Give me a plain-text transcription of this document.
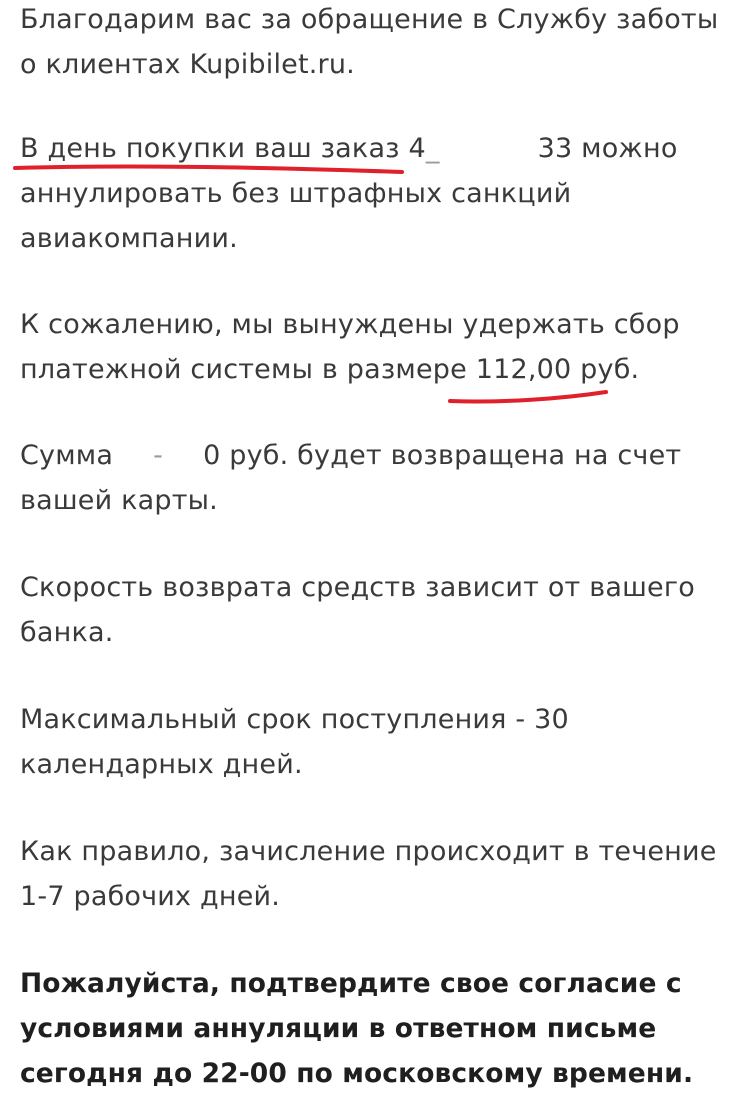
Благодарим вас за обращение в Службу заботы
о клиентах Kupibilet.ru.

В день покупки ваш заказ 4_	33 можно
аннулировать без штрафных санкций
авиакомпании.

К сожалению, мы вынуждены удержать сбор
платежной системы в размере 112,00 руб.

Сумма - 0 руб. будет возвращена на счет
вашей карты.

Скорость возврата средств зависит от вашего
банка.

Максимальный срок поступления - 30
календарных дней.

Как правило, зачисление происходит в течение
1-7 рабочих дней.

Пожалуйста, подтвердите свое согласие с
условиями аннуляции в ответном письме
сегодня до 22-00 по московскому времени.
